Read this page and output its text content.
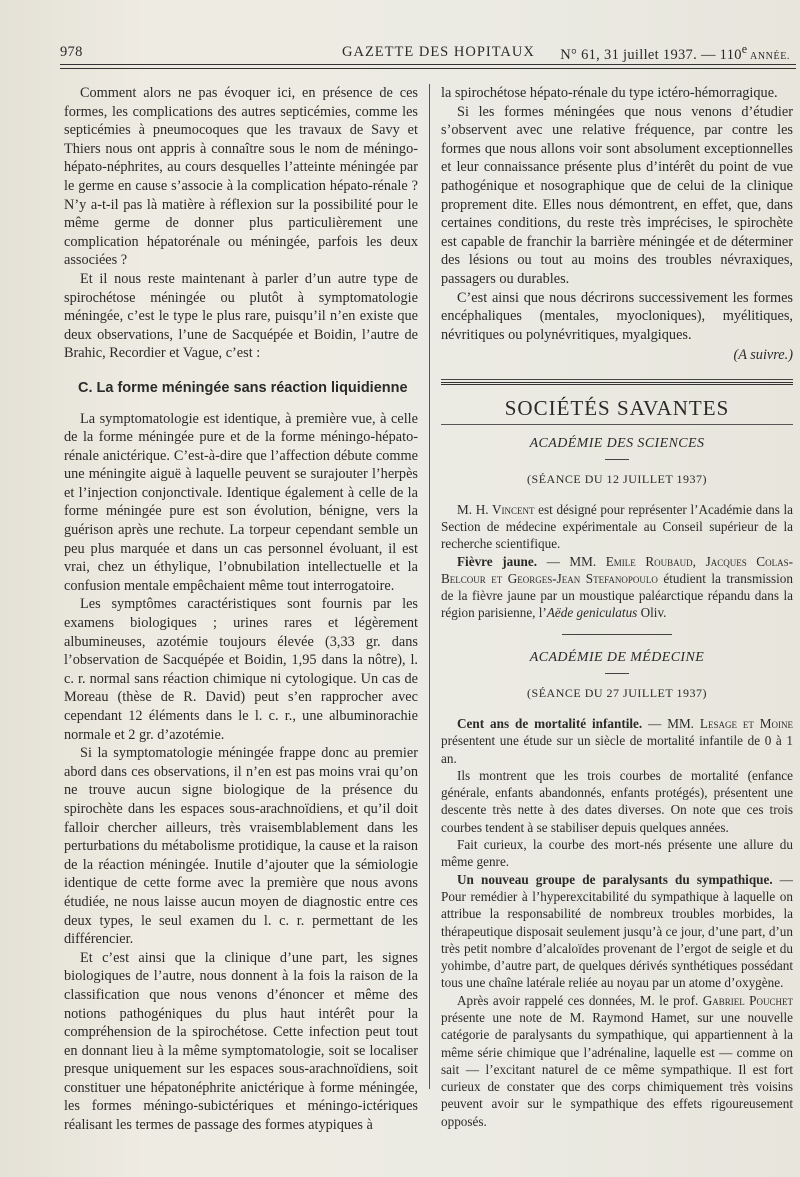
978	GAZETTE DES HOPITAUX N° 61, 31 juillet 1937. — 110e ANNÉE.

Comment alors ne pas évoquer ici, en présence de ces formes, les complications des autres septicémies, comme les septicémies à pneumocoques que les travaux de Savy et Thiers nous ont appris à connaître sous le nom de méningo-hépato-néphrites, au cours desquelles l’atteinte méningée par le germe en cause s’associe à la complication hépato-rénale ? N’y a-t-il pas là matière à réflexion sur la possibilité pour le même germe de donner plus particulièrement une complication hépatorénale ou méningée, parfois les deux associées ?

Et il nous reste maintenant à parler d’un autre type de spirochétose méningée ou plutôt à symptomatologie méningée, c’est le type le plus rare, puisqu’il n’en existe que deux observations, l’une de Sacquépée et Boidin, l’autre de Brahic, Recordier et Vague, c’est :

C. La forme méningée sans réaction liquidienne

La symptomatologie est identique, à première vue, à celle de la forme méningée pure et de la forme méningo-hépato-rénale anictérique. C’est-à-dire que l’affection débute comme une méningite aiguë à laquelle peuvent se surajouter l’herpès et l’injection conjonctivale. Identique également à celle de la forme méningée pure est son évolution, bénigne, vers la guérison après une rechute. La torpeur cependant semble un peu plus marquée et dans un cas personnel évoluant, il est vrai, chez un éthylique, l’obnubilation intellectuelle et la confusion mentale empêchaient même tout interrogatoire.

Les symptômes caractéristiques sont fournis par les examens biologiques ; urines rares et légèrement albumineuses, azotémie toujours élevée (3,33 gr. dans l’observation de Sacquépée et Boidin, 1,95 dans la nôtre), l. c. r. normal sans réaction chimique ni cytologique. Un cas de Moreau (thèse de R. David) peut s’en rapprocher avec cependant 12 éléments dans le l. c. r., une albuminorachie normale et 2 gr. d’azotémie.

Si la symptomatologie méningée frappe donc au premier abord dans ces observations, il n’en est pas moins vrai qu’on ne trouve aucun signe biologique de la présence du spirochète dans les espaces sous-arachnoïdiens, et qu’il doit falloir chercher ailleurs, très vraisemblablement dans les perturbations du métabolisme protidique, la cause et la raison de la réaction méningée. Inutile d’ajouter que la sémiologie identique de cette forme avec la première que nous avons étudiée, ne nous laisse aucun moyen de diagnostic entre ces deux types, le seul examen du l. c. r. permettant de les différencier.

Et c’est ainsi que la clinique d’une part, les signes biologiques de l’autre, nous donnent à la fois la raison de la classification que nous venons d’énoncer et même des notions pathogéniques du plus haut intérêt pour la compréhension de la spirochétose. Cette infection peut tout en donnant lieu à la même symptomatologie, soit se localiser presque uniquement sur les espaces sous-arachnoïdiens, soit constituer une hépatonéphrite anictérique à forme méningée, les formes méningo-subictériques et méningo-ictériques réalisant les termes de passage des formes atypiques à

la spirochétose hépato-rénale du type ictéro-hémorragique.

Si les formes méningées que nous venons d’étudier s’observent avec une relative fréquence, par contre les formes que nous allons voir sont absolument exceptionnelles et leur connaissance présente plus d’intérêt du point de vue pathogénique et nosographique que de celui de la clinique proprement dite. Elles nous démontrent, en effet, que, dans certaines conditions, du reste très imprécises, le spirochète est capable de franchir la barrière méningée et de déterminer des lésions ou tout au moins des troubles névraxiques, passagers ou durables.

C’est ainsi que nous décrirons successivement les formes encéphaliques (mentales, myocloniques), myélitiques, névritiques ou polynévritiques, myalgiques.

(A suivre.)
SOCIÉTÉS SAVANTES
ACADÉMIE DES SCIENCES
(SÉANCE DU 12 JUILLET 1937)

M. H. Vincent est désigné pour représenter l’Académie dans la Section de médecine expérimentale au Conseil supérieur de la recherche scientifique.

Fièvre jaune. — MM. Emile Roubaud, Jacques Colas-Belcour et Georges-Jean Stefanopoulo étudient la transmission de la fièvre jaune par un moustique paléarctique répandu dans la région parisienne, l’Aëde geniculatus Oliv.

ACADÉMIE DE MÉDECINE
(SÉANCE DU 27 JUILLET 1937)

Cent ans de mortalité infantile. — MM. Lesage et Moine présentent une étude sur un siècle de mortalité infantile de 0 à 1 an.

Ils montrent que les trois courbes de mortalité (enfance générale, enfants abandonnés, enfants protégés), présentent une descente très nette à des dates diverses. On note que ces trois courbes tendent à se stabiliser depuis quelques années.

Fait curieux, la courbe des mort-nés présente une allure du même genre.

Un nouveau groupe de paralysants du sympathique. — Pour remédier à l’hyperexcitabilité du sympathique à laquelle on attribue la responsabilité de nombreux troubles morbides, la thérapeutique disposait seulement jusqu’à ce jour, d’une part, d’un très petit nombre d’alcaloïdes provenant de l’ergot de seigle et du yohimbe, d’autre part, de quelques dérivés synthétiques possédant tous une chaîne latérale reliée au noyau par un atome d’oxygène.

Après avoir rappelé ces données, M. le prof. Gabriel Pouchet présente une note de M. Raymond Hamet, sur une nouvelle catégorie de paralysants du sympathique, qui appartiennent à la même série chimique que l’adrénaline, laquelle est — comme on sait — l’excitant naturel de ce même sympathique. Il est fort curieux de constater que des corps chimiquement très voisins peuvent avoir sur le sympathique des effets rigoureusement opposés.
